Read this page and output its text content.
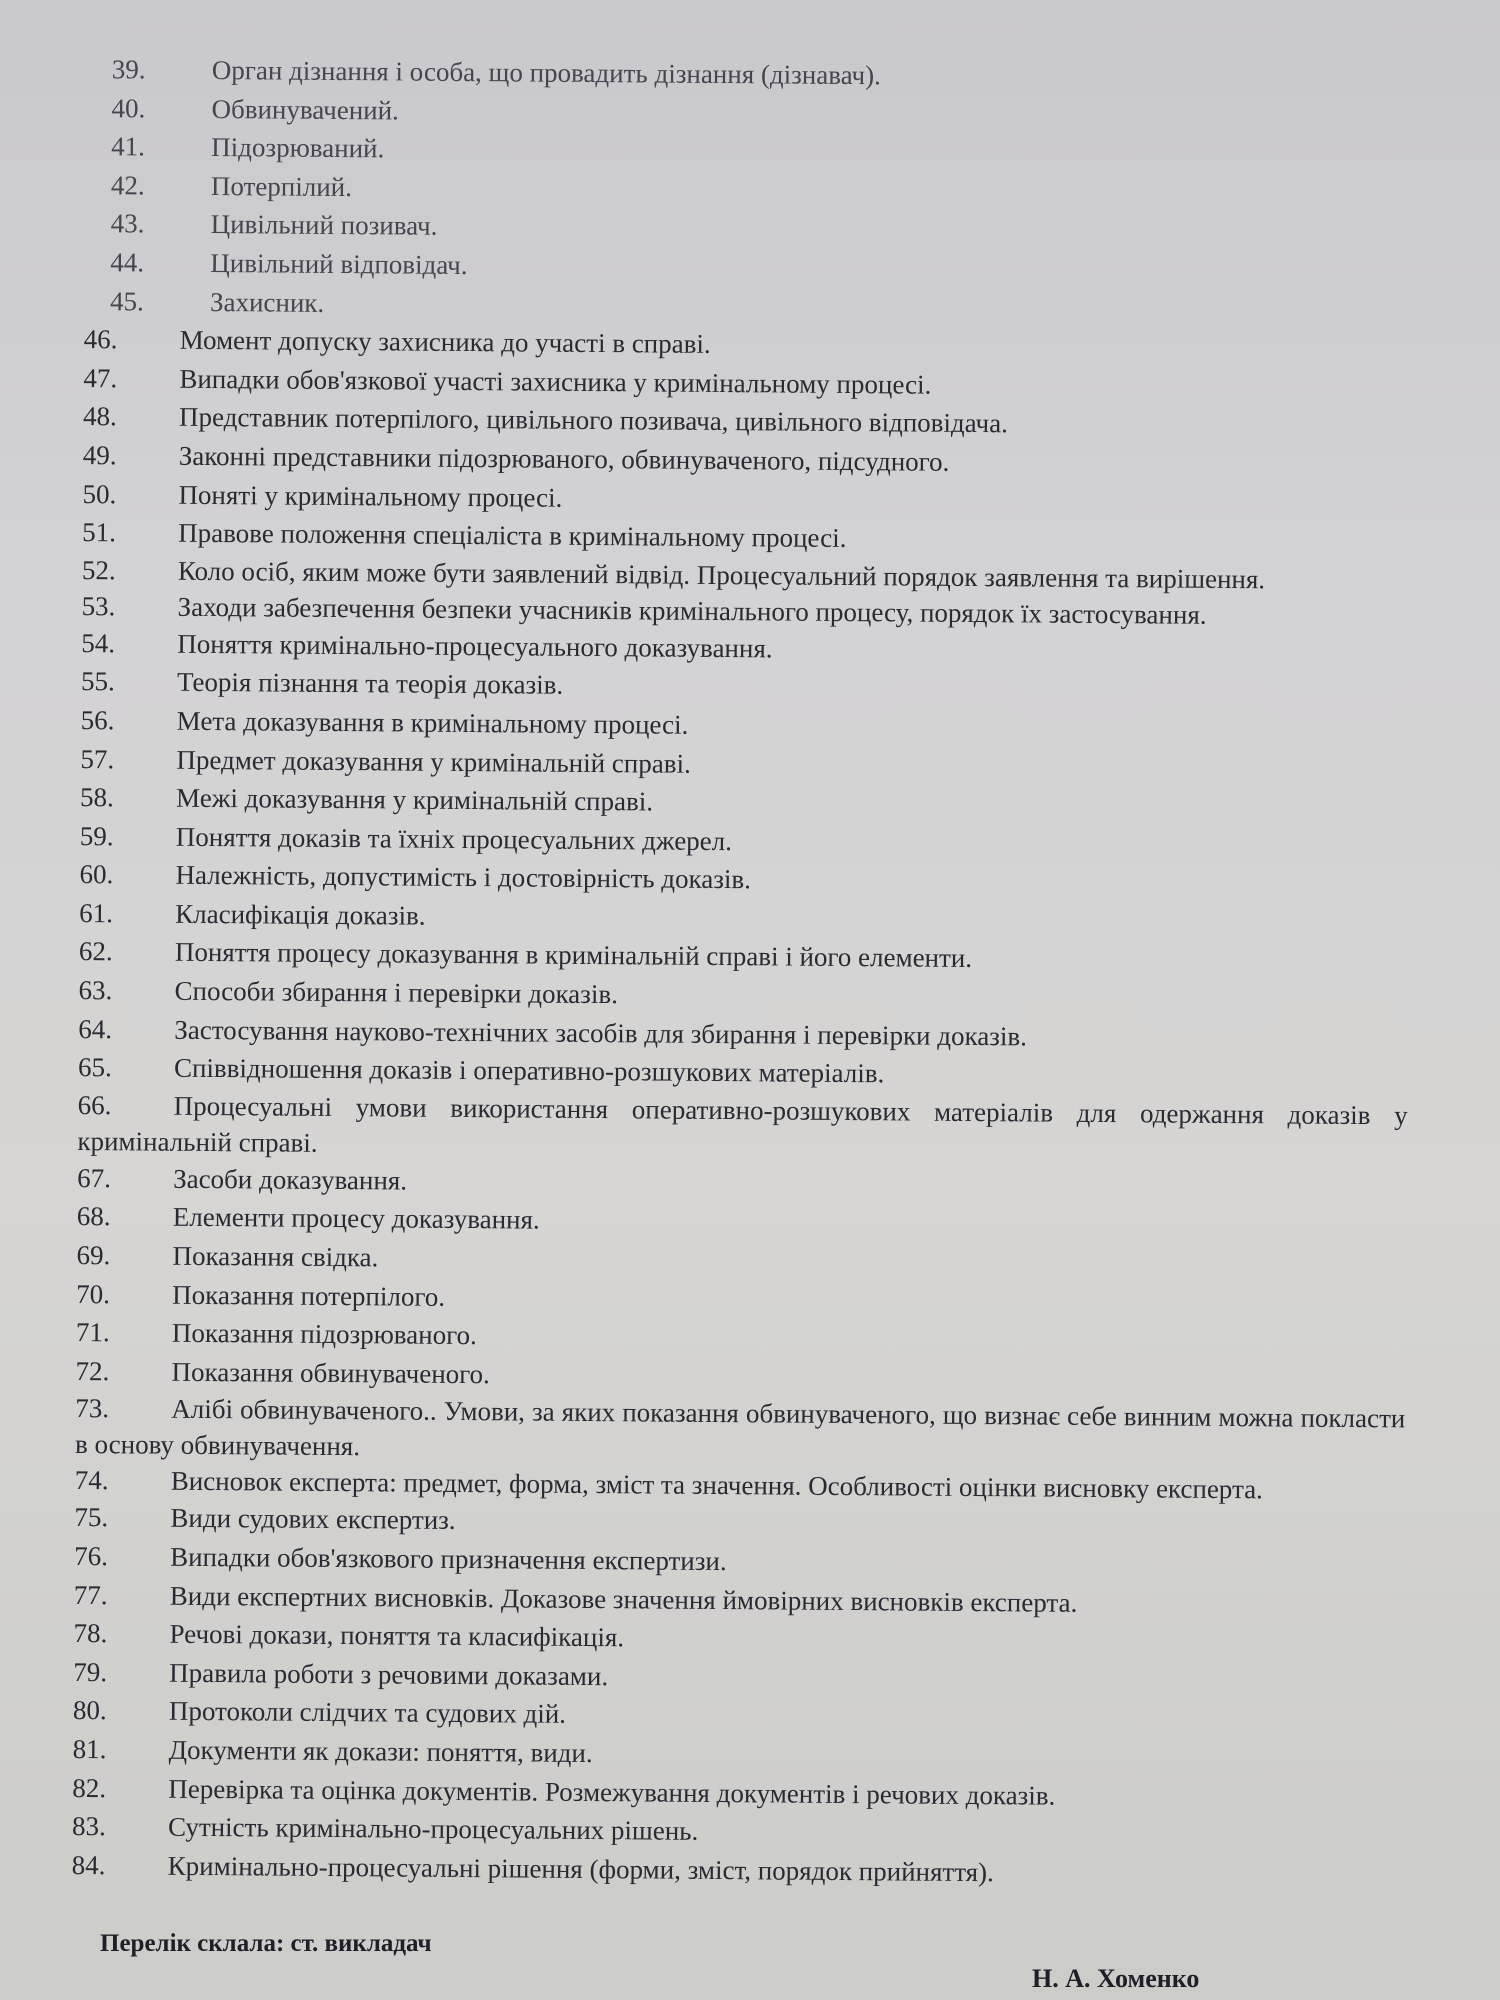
39. Орган дізнання і особа, що провадить дізнання (дізнавач).
40. Обвинувачений.
41. Підозрюваний.
42. Потерпілий.
43. Цивільний позивач.
44. Цивільний відповідач.
45. Захисник.
46. Момент допуску захисника до участі в справі.
47. Випадки обов'язкової участі захисника у кримінальному процесі.
48. Представник потерпілого, цивільного позивача, цивільного відповідача.
49. Законні представники підозрюваного, обвинуваченого, підсудного.
50. Поняті у кримінальному процесі.
51. Правове положення спеціаліста в кримінальному процесі.
52. Коло осіб, яким може бути заявлений відвід. Процесуальний порядок заявлення та вирішення.
53. Заходи забезпечення безпеки учасників кримінального процесу, порядок їх застосування.
54. Поняття кримінально-процесуального доказування.
55. Теорія пізнання та теорія доказів.
56. Мета доказування в кримінальному процесі.
57. Предмет доказування у кримінальній справі.
58. Межі доказування у кримінальній справі.
59. Поняття доказів та їхніх процесуальних джерел.
60. Належність, допустимість і достовірність доказів.
61. Класифікація доказів.
62. Поняття процесу доказування в кримінальній справі і його елементи.
63. Способи збирання і перевірки доказів.
64. Застосування науково-технічних засобів для збирання і перевірки доказів.
65. Співвідношення доказів і оперативно-розшукових матеріалів.
66. Процесуальні умови використання оперативно-розшукових матеріалів для одержання доказів у кримінальній справі.
67. Засоби доказування.
68. Елементи процесу доказування.
69. Показання свідка.
70. Показання потерпілого.
71. Показання підозрюваного.
72. Показання обвинуваченого.
73. Алібі обвинуваченого.. Умови, за яких показання обвинуваченого, що визнає себе винним можна покласти в основу обвинувачення.
74. Висновок експерта: предмет, форма, зміст та значення. Особливості оцінки висновку експерта.
75. Види судових експертиз.
76. Випадки обов'язкового призначення експертизи.
77. Види експертних висновків. Доказове значення ймовірних висновків експерта.
78. Речові докази, поняття та класифікація.
79. Правила роботи з речовими доказами.
80. Протоколи слідчих та судових дій.
81. Документи як докази: поняття, види.
82. Перевірка та оцінка документів. Розмежування документів і речових доказів.
83. Сутність кримінально-процесуальних рішень.
84. Кримінально-процесуальні рішення (форми, зміст, порядок прийняття).
Перелік склала: ст. викладач
Н. А. Хоменко
